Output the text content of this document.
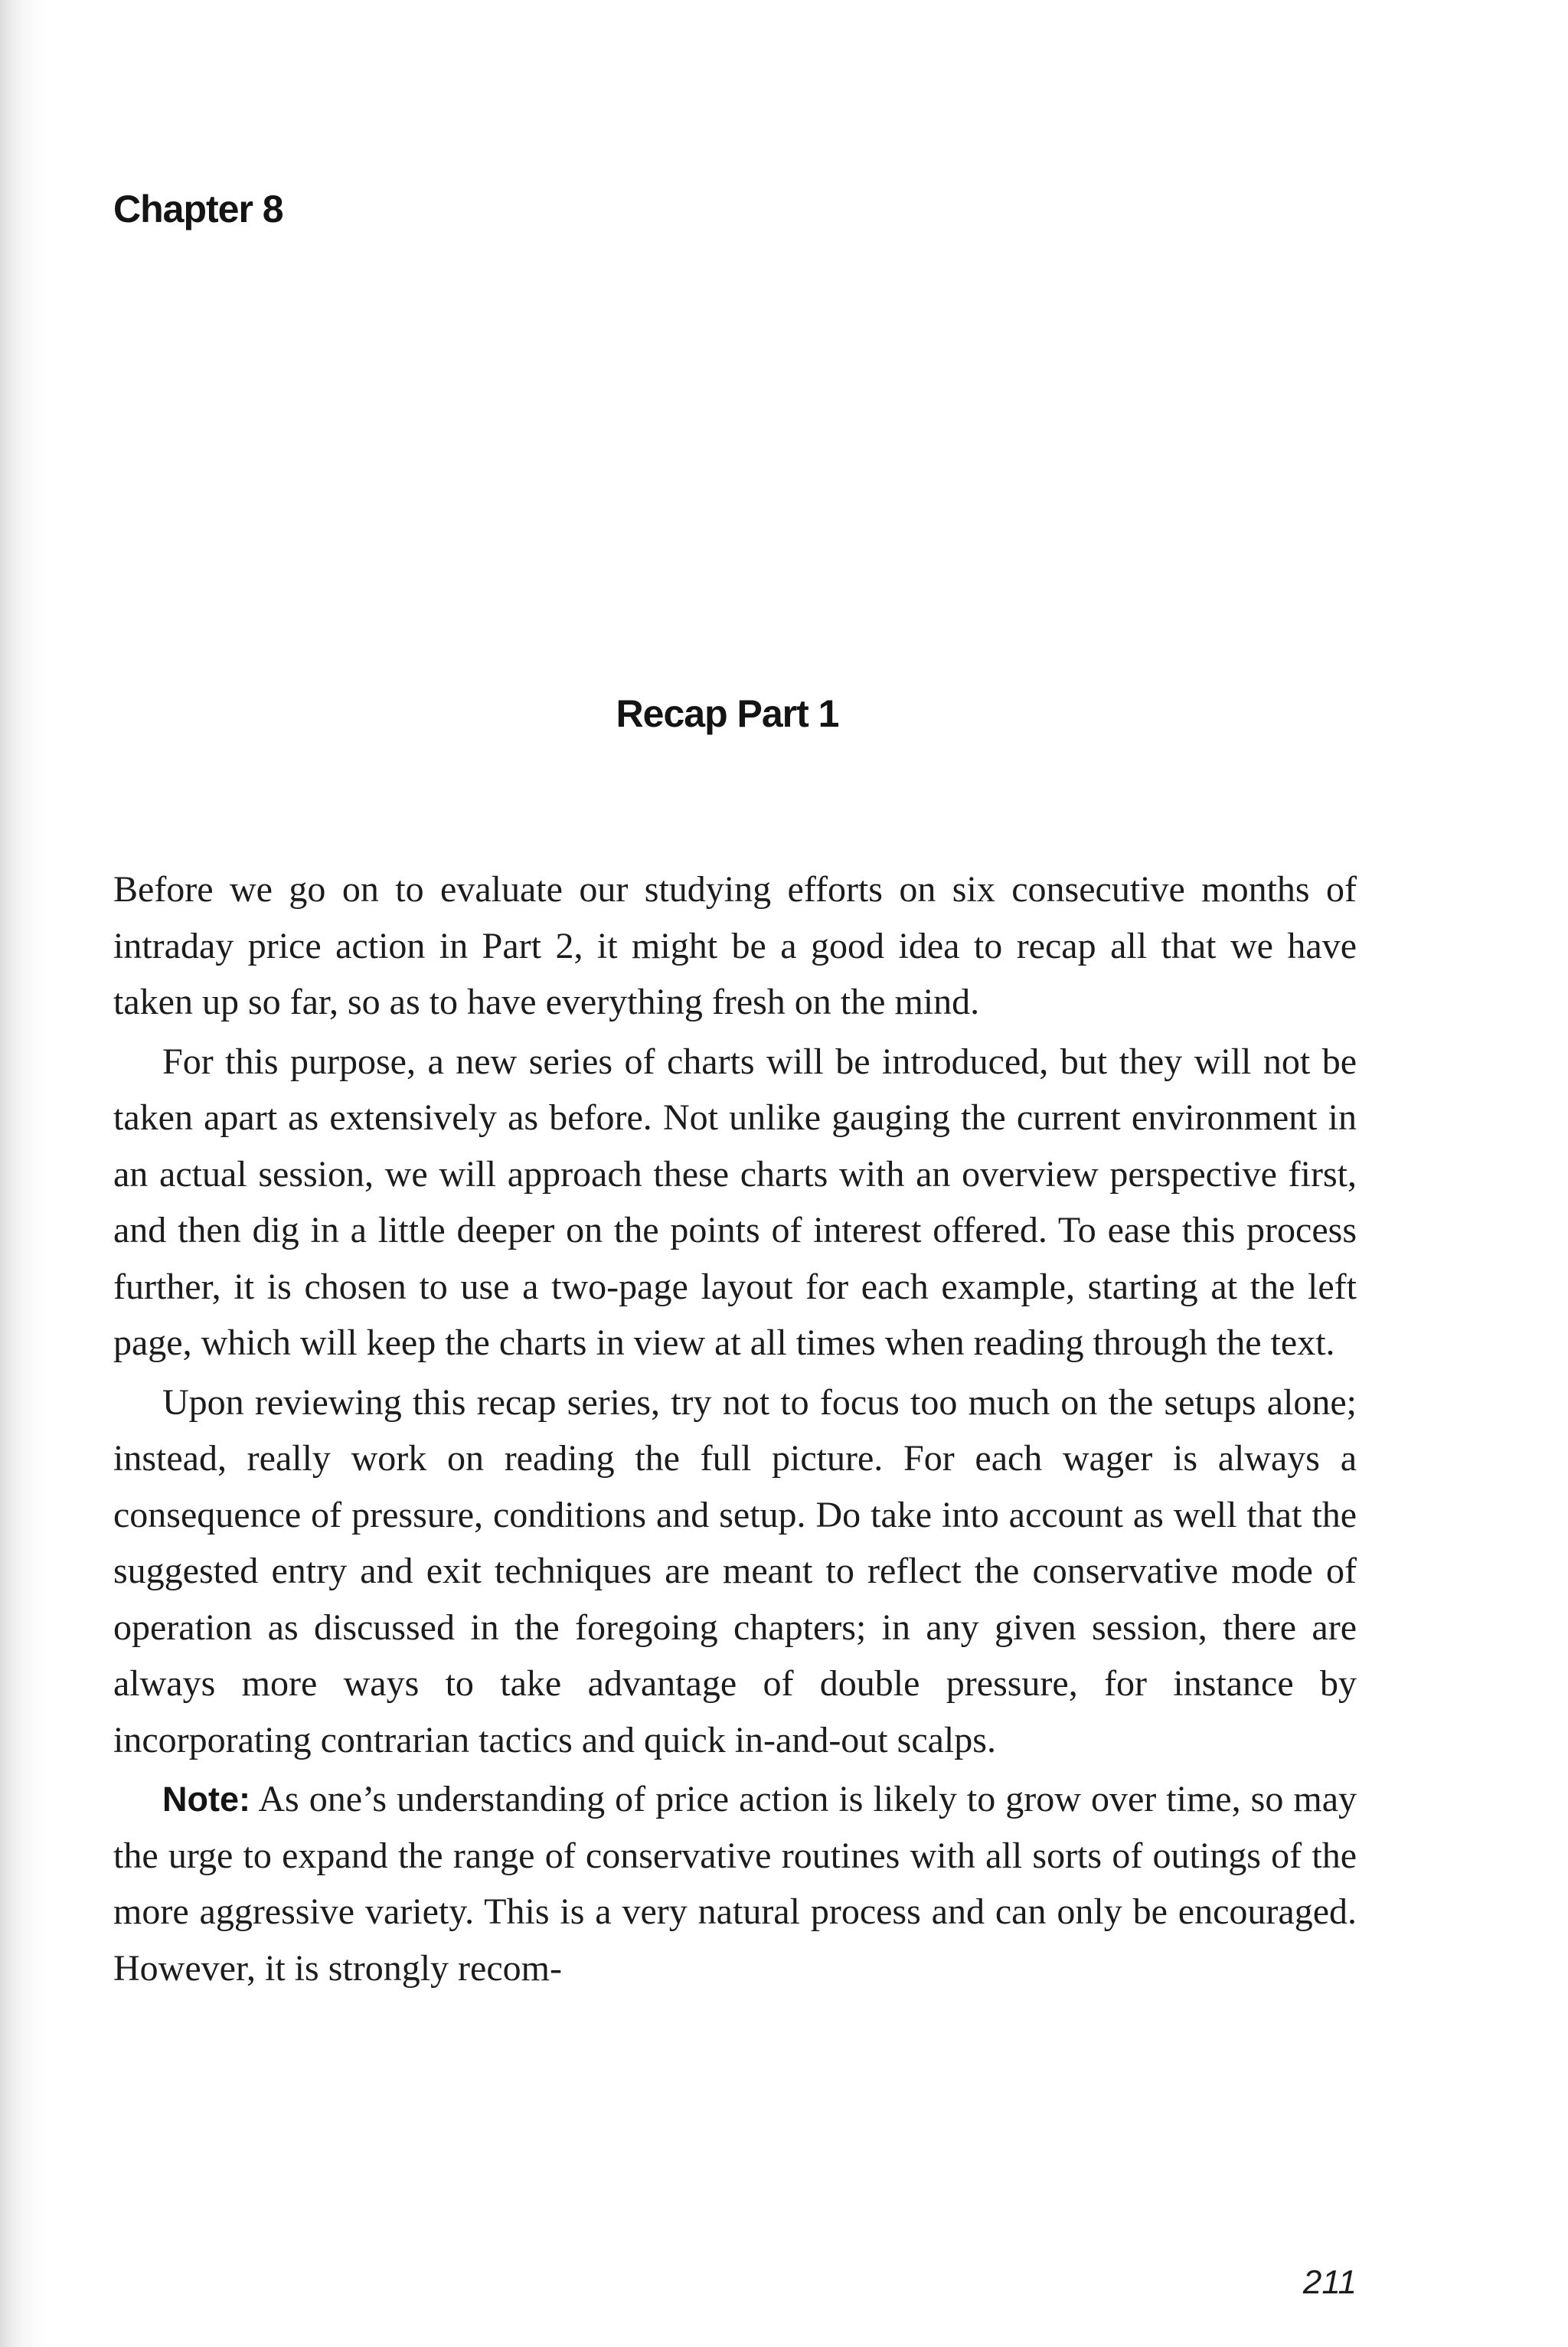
Chapter 8
Recap Part 1

Before we go on to evaluate our studying efforts on six consecutive months of intraday price action in Part 2, it might be a good idea to recap all that we have taken up so far, so as to have everything fresh on the mind.

For this purpose, a new series of charts will be introduced, but they will not be taken apart as extensively as before. Not unlike gauging the current environment in an actual session, we will approach these charts with an overview perspective first, and then dig in a little deeper on the points of interest offered. To ease this process further, it is chosen to use a two-page layout for each example, starting at the left page, which will keep the charts in view at all times when reading through the text.

Upon reviewing this recap series, try not to focus too much on the setups alone; instead, really work on reading the full picture. For each wager is always a consequence of pressure, conditions and setup. Do take into account as well that the suggested entry and exit techniques are meant to reflect the conservative mode of operation as discussed in the foregoing chapters; in any given session, there are always more ways to take advantage of double pressure, for instance by incorporating contrarian tactics and quick in-and-out scalps.

Note: As one’s understanding of price action is likely to grow over time, so may the urge to expand the range of conservative routines with all sorts of outings of the more aggressive variety. This is a very natural process and can only be encouraged. However, it is strongly recom-

211
